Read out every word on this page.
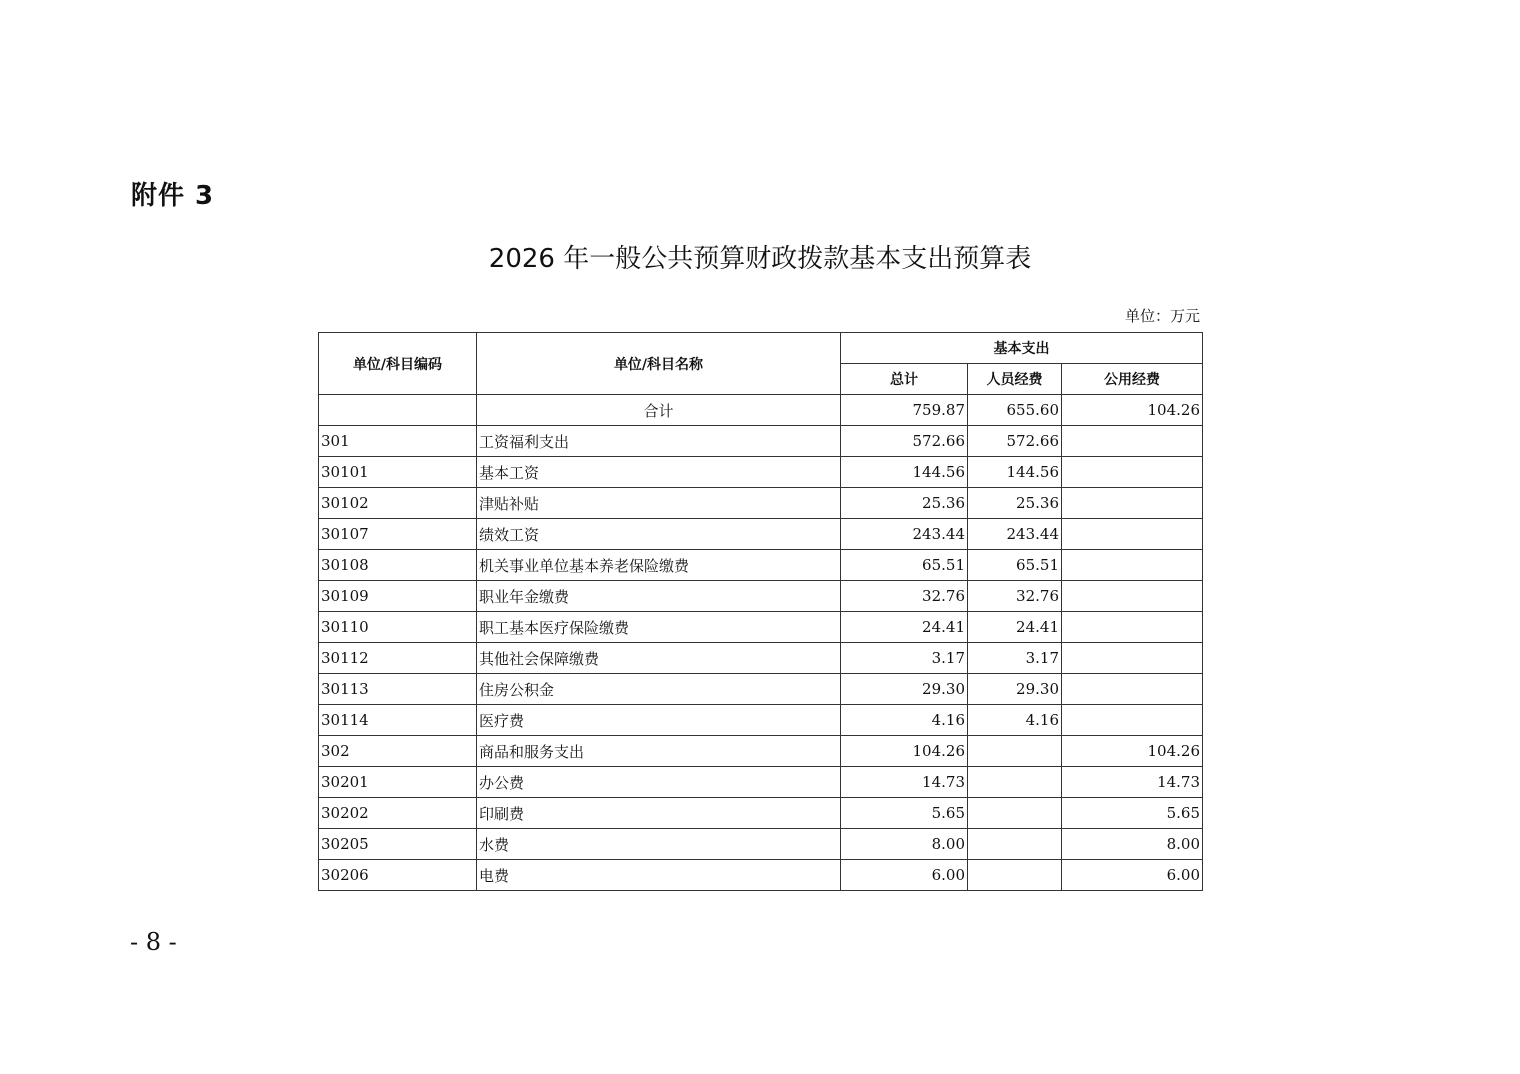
附件 3
2026 年一般公共预算财政拨款基本支出预算表
单位：万元
单位/科目编码	单位/科目名称	基本支出		
		总计	人员经费	公用经费
	合计	759.87	655.60	104.26
301	工资福利支出	572.66	572.66	
30101	基本工资	144.56	144.56	
30102	津贴补贴	25.36	25.36	
30107	绩效工资	243.44	243.44	
30108	机关事业单位基本养老保险缴费	65.51	65.51	
30109	职业年金缴费	32.76	32.76	
30110	职工基本医疗保险缴费	24.41	24.41	
30112	其他社会保障缴费	3.17	3.17	
30113	住房公积金	29.30	29.30	
30114	医疗费	4.16	4.16	
302	商品和服务支出	104.26		104.26
30201	办公费	14.73		14.73
30202	印刷费	5.65		5.65
30205	水费	8.00		8.00
30206	电费	6.00		6.00
- 8 -
